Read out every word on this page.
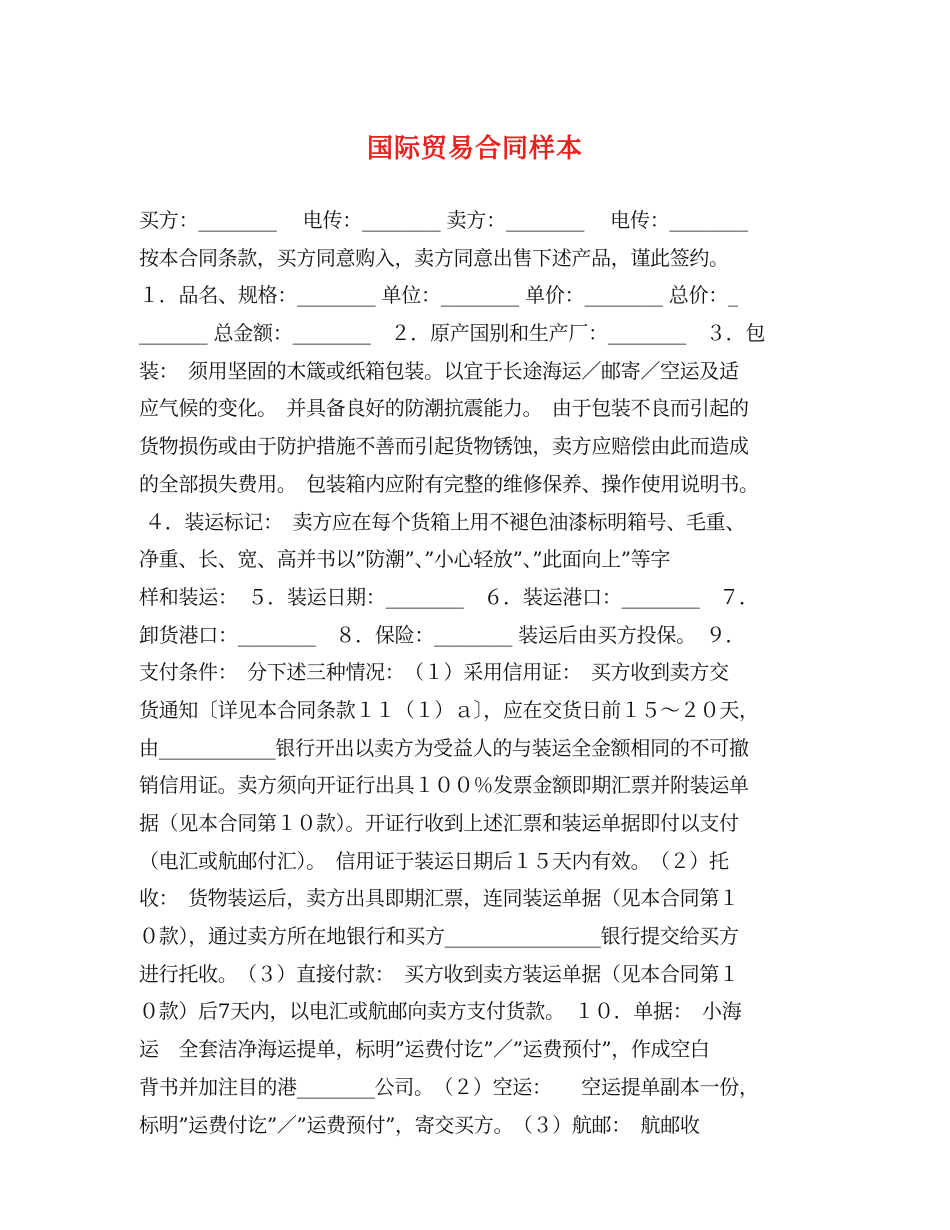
国际贸易合同样本
买方：________　 电传：________ 卖方：________　 电传：________
按本合同条款，买方同意购入，卖方同意出售下述产品，谨此签约。
１．品名、规格：________ 单位：________ 单价：________ 总价：_
_______ 总金额：________　２．原产国别和生产厂：________　３．包
装：　须用坚固的木箴或纸箱包装。以宜于长途海运／邮寄／空运及适
应气候的变化。　并具备良好的防潮抗震能力。　由于包装不良而引起的
货物损伤或由于防护措施不善而引起货物锈蚀，卖方应赔偿由此而造成
的全部损失费用。　包装箱内应附有完整的维修保养、操作使用说明书。
４．装运标记：　卖方应在每个货箱上用不褪色油漆标明箱号、毛重、
净重、长、宽、高并书以”防潮”、”小心轻放”、”此面向上”等字
样和装运：　５．装运日期：________　６．装运港口：________　７．
卸货港口：________　８．保险：________ 装运后由买方投保。　９．
支付条件：　分下述三种情况：　（１）采用信用证：　买方收到卖方交
货通知〔详见本合同条款１１（１）ａ〕，应在交货日前１５～２０天，
由____________银行开出以卖方为受益人的与装运全金额相同的不可撤
销信用证。卖方须向开证行出具１００％发票金额即期汇票并附装运单
据（见本合同第１０款）。开证行收到上述汇票和装运单据即付以支付
（电汇或航邮付汇）。　信用证于装运日期后１５天内有效。　（２）托
收：　货物装运后，卖方出具即期汇票，连同装运单据（见本合同第１
０款），通过卖方所在地银行和买方________________银行提交给买方
进行托收。　（３）直接付款：　买方收到卖方装运单据（见本合同第１
０款）后7天内，以电汇或航邮向卖方支付货款。　１０．单据：　小海
运　全套洁净海运提单，标明”运费付讫”／”运费预付”，作成空白
背书并加注目的港________公司。　（２）空运：　　空运提单副本一份，
标明”运费付讫”／”运费预付”，寄交买方。　（３）航邮：　航邮收
